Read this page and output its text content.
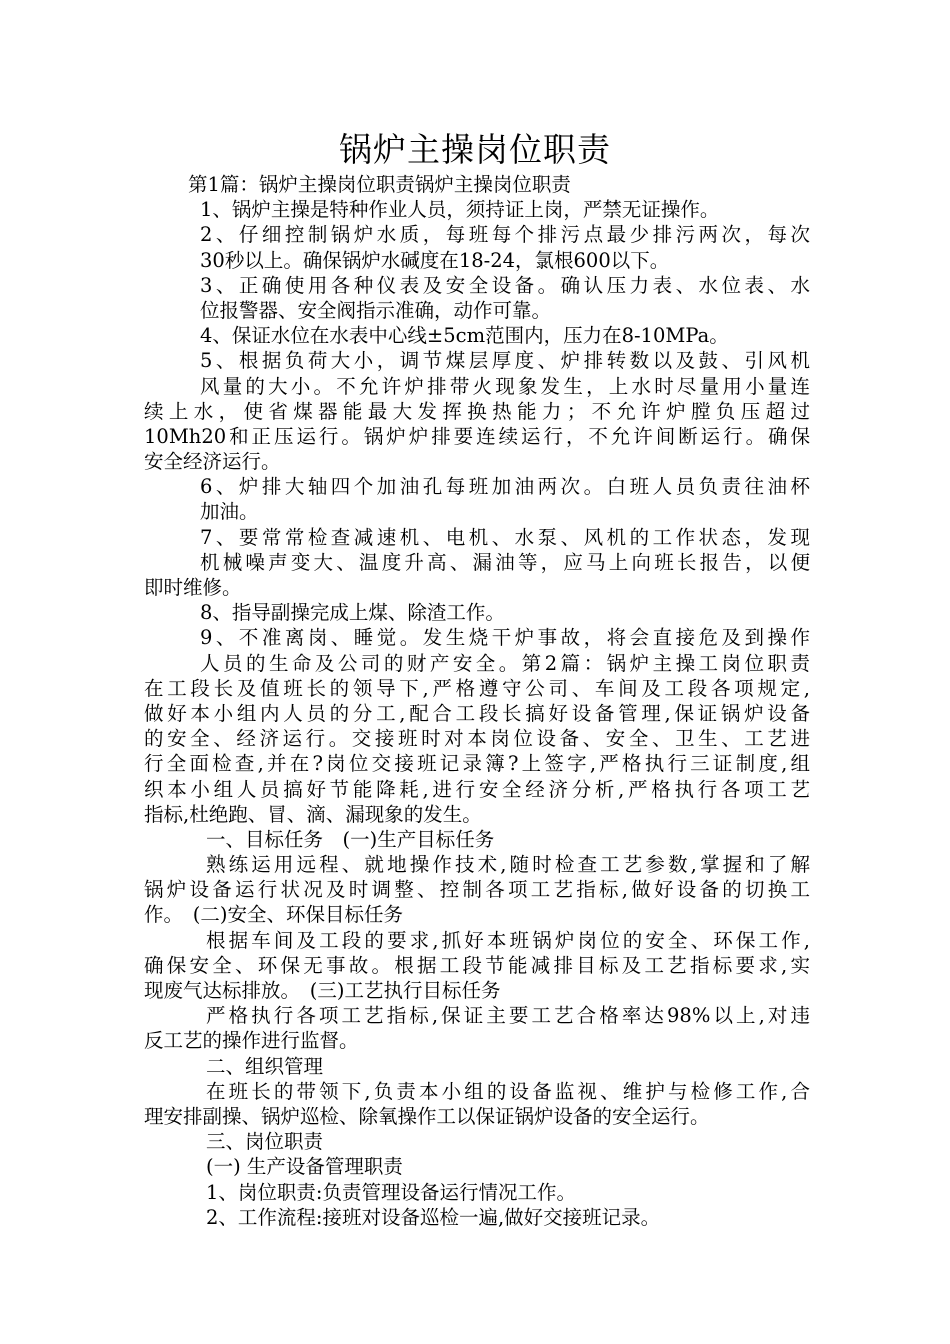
锅炉主操岗位职责
第1篇：锅炉主操岗位职责锅炉主操岗位职责
1、锅炉主操是特种作业人员，须持证上岗，严禁无证操作。
2、仔细控制锅炉水质，每班每个排污点最少排污两次，每次
30秒以上。确保锅炉水碱度在18-24，氯根600以下。
3、正确使用各种仪表及安全设备。确认压力表、水位表、水
位报警器、安全阀指示准确，动作可靠。
4、保证水位在水表中心线±5cm范围内，压力在8-10MPa。
5、根据负荷大小，调节煤层厚度、炉排转数以及鼓、引风机
风量的大小。不允许炉排带火现象发生，上水时尽量用小量连
续上水，使省煤器能最大发挥换热能力；不允许炉膛负压超过
10Mh20和正压运行。锅炉炉排要连续运行，不允许间断运行。确保
安全经济运行。
6、炉排大轴四个加油孔每班加油两次。白班人员负责往油杯
加油。
7、要常常检查减速机、电机、水泵、风机的工作状态，发现
机械噪声变大、温度升高、漏油等，应马上向班长报告，以便
即时维修。
8、指导副操完成上煤、除渣工作。
9、不准离岗、睡觉。发生烧干炉事故，将会直接危及到操作
人员的生命及公司的财产安全。第2篇：锅炉主操工岗位职责
在工段长及值班长的领导下,严格遵守公司、车间及工段各项规定,
做好本小组内人员的分工,配合工段长搞好设备管理,保证锅炉设备
的安全、经济运行。交接班时对本岗位设备、安全、卫生、工艺进
行全面检查,并在?岗位交接班记录簿?上签字,严格执行三证制度,组
织本小组人员搞好节能降耗,进行安全经济分析,严格执行各项工艺
指标,杜绝跑、冒、滴、漏现象的发生。
一、目标任务　(一)生产目标任务
熟练运用远程、就地操作技术,随时检查工艺参数,掌握和了解
锅炉设备运行状况及时调整、控制各项工艺指标,做好设备的切换工
作。　(二)安全、环保目标任务
根据车间及工段的要求,抓好本班锅炉岗位的安全、环保工作,
确保安全、环保无事故。根据工段节能减排目标及工艺指标要求,实
现废气达标排放。　(三)工艺执行目标任务
严格执行各项工艺指标,保证主要工艺合格率达98%以上,对违
反工艺的操作进行监督。
二、组织管理
在班长的带领下,负责本小组的设备监视、维护与检修工作,合
理安排副操、锅炉巡检、除氧操作工以保证锅炉设备的安全运行。
三、岗位职责
(一) 生产设备管理职责
1、岗位职责:负责管理设备运行情况工作。
2、工作流程:接班对设备巡检一遍,做好交接班记录。
